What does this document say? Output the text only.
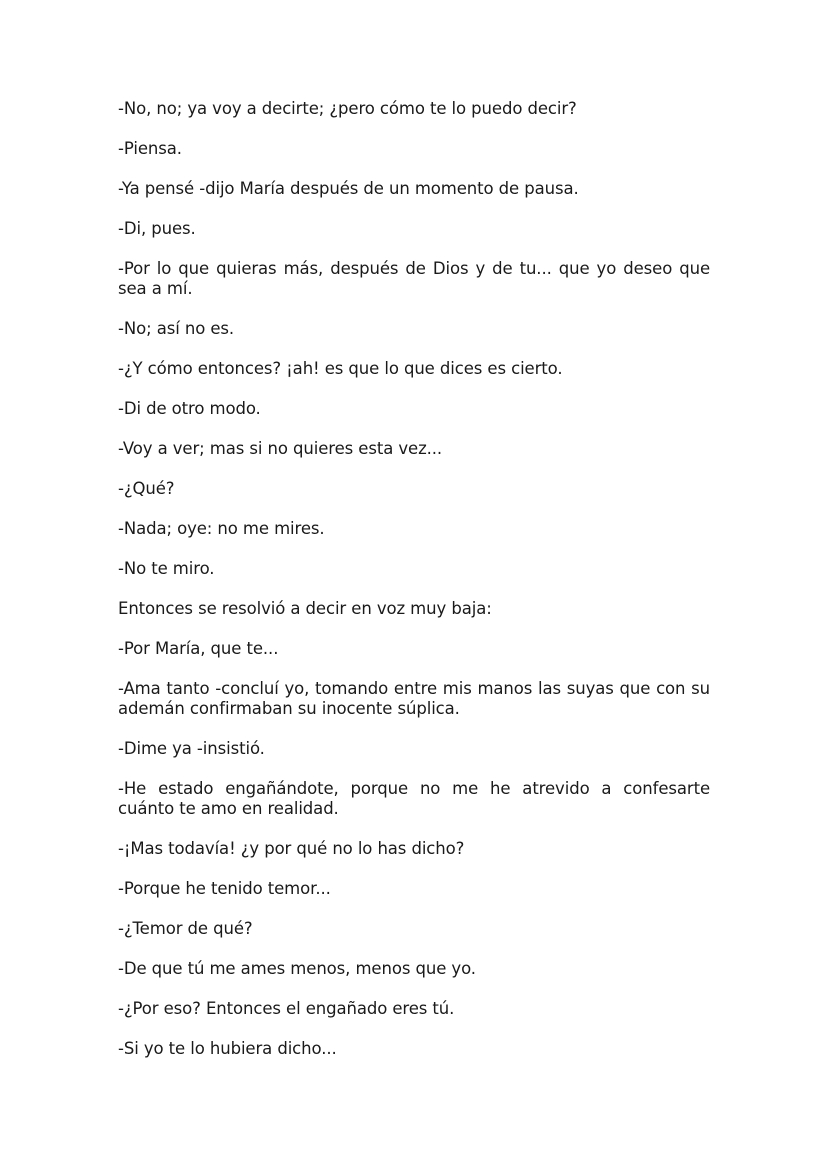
-No, no; ya voy a decirte; ¿pero cómo te lo puedo decir?

-Piensa.

-Ya pensé -dijo María después de un momento de pausa.

-Di, pues.

-Por lo que quieras más, después de Dios y de tu... que yo deseo que sea a mí.

-No; así no es.

-¿Y cómo entonces? ¡ah! es que lo que dices es cierto.

-Di de otro modo.

-Voy a ver; mas si no quieres esta vez...

-¿Qué?

-Nada; oye: no me mires.

-No te miro.

Entonces se resolvió a decir en voz muy baja:

-Por María, que te...

-Ama tanto -concluí yo, tomando entre mis manos las suyas que con su ademán confirmaban su inocente súplica.

-Dime ya -insistió.

-He estado engañándote, porque no me he atrevido a confesarte cuánto te amo en realidad.

-¡Mas todavía! ¿y por qué no lo has dicho?

-Porque he tenido temor...

-¿Temor de qué?

-De que tú me ames menos, menos que yo.

-¿Por eso? Entonces el engañado eres tú.

-Si yo te lo hubiera dicho...
